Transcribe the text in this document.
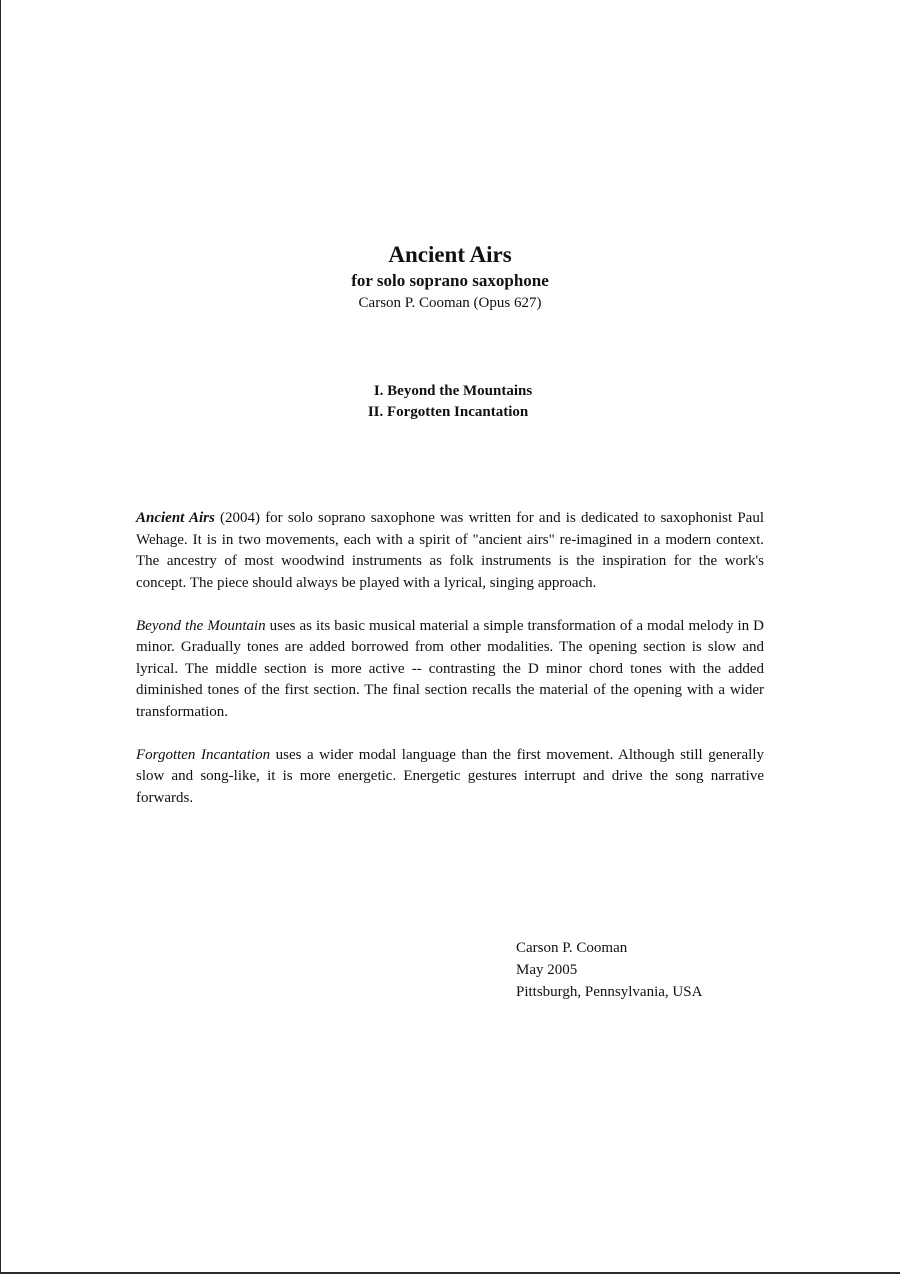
Ancient Airs
for solo soprano saxophone
Carson P. Cooman (Opus 627)
I. Beyond the Mountains
II. Forgotten Incantation

Ancient Airs (2004) for solo soprano saxophone was written for and is dedicated to saxophonist Paul Wehage. It is in two movements, each with a spirit of "ancient airs" re-imagined in a modern context. The ancestry of most woodwind instruments as folk instruments is the inspiration for the work's concept. The piece should always be played with a lyrical, singing approach.

Beyond the Mountain uses as its basic musical material a simple transformation of a modal melody in D minor. Gradually tones are added borrowed from other modalities. The opening section is slow and lyrical. The middle section is more active -- contrasting the D minor chord tones with the added diminished tones of the first section. The final section recalls the material of the opening with a wider transformation.

Forgotten Incantation uses a wider modal language than the first movement. Although still generally slow and song-like, it is more energetic. Energetic gestures interrupt and drive the song narrative forwards.

Carson P. Cooman
May 2005
Pittsburgh, Pennsylvania, USA
